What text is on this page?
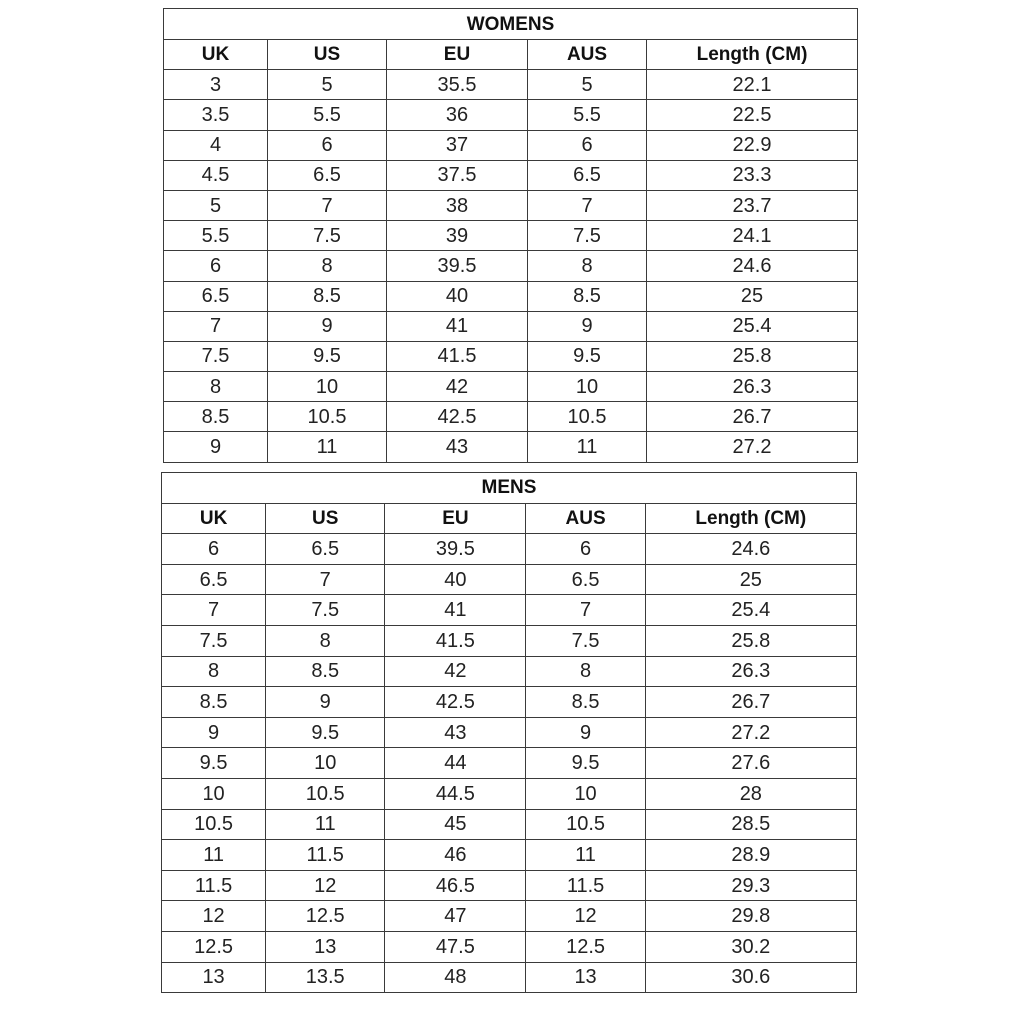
WOMENS				
UK	US	EU	AUS	Length (CM)
3	5	35.5	5	22.1
3.5	5.5	36	5.5	22.5
4	6	37	6	22.9
4.5	6.5	37.5	6.5	23.3
5	7	38	7	23.7
5.5	7.5	39	7.5	24.1
6	8	39.5	8	24.6
6.5	8.5	40	8.5	25
7	9	41	9	25.4
7.5	9.5	41.5	9.5	25.8
8	10	42	10	26.3
8.5	10.5	42.5	10.5	26.7
9	11	43	11	27.2
MENS				
UK	US	EU	AUS	Length (CM)
6	6.5	39.5	6	24.6
6.5	7	40	6.5	25
7	7.5	41	7	25.4
7.5	8	41.5	7.5	25.8
8	8.5	42	8	26.3
8.5	9	42.5	8.5	26.7
9	9.5	43	9	27.2
9.5	10	44	9.5	27.6
10	10.5	44.5	10	28
10.5	11	45	10.5	28.5
11	11.5	46	11	28.9
11.5	12	46.5	11.5	29.3
12	12.5	47	12	29.8
12.5	13	47.5	12.5	30.2
13	13.5	48	13	30.6
